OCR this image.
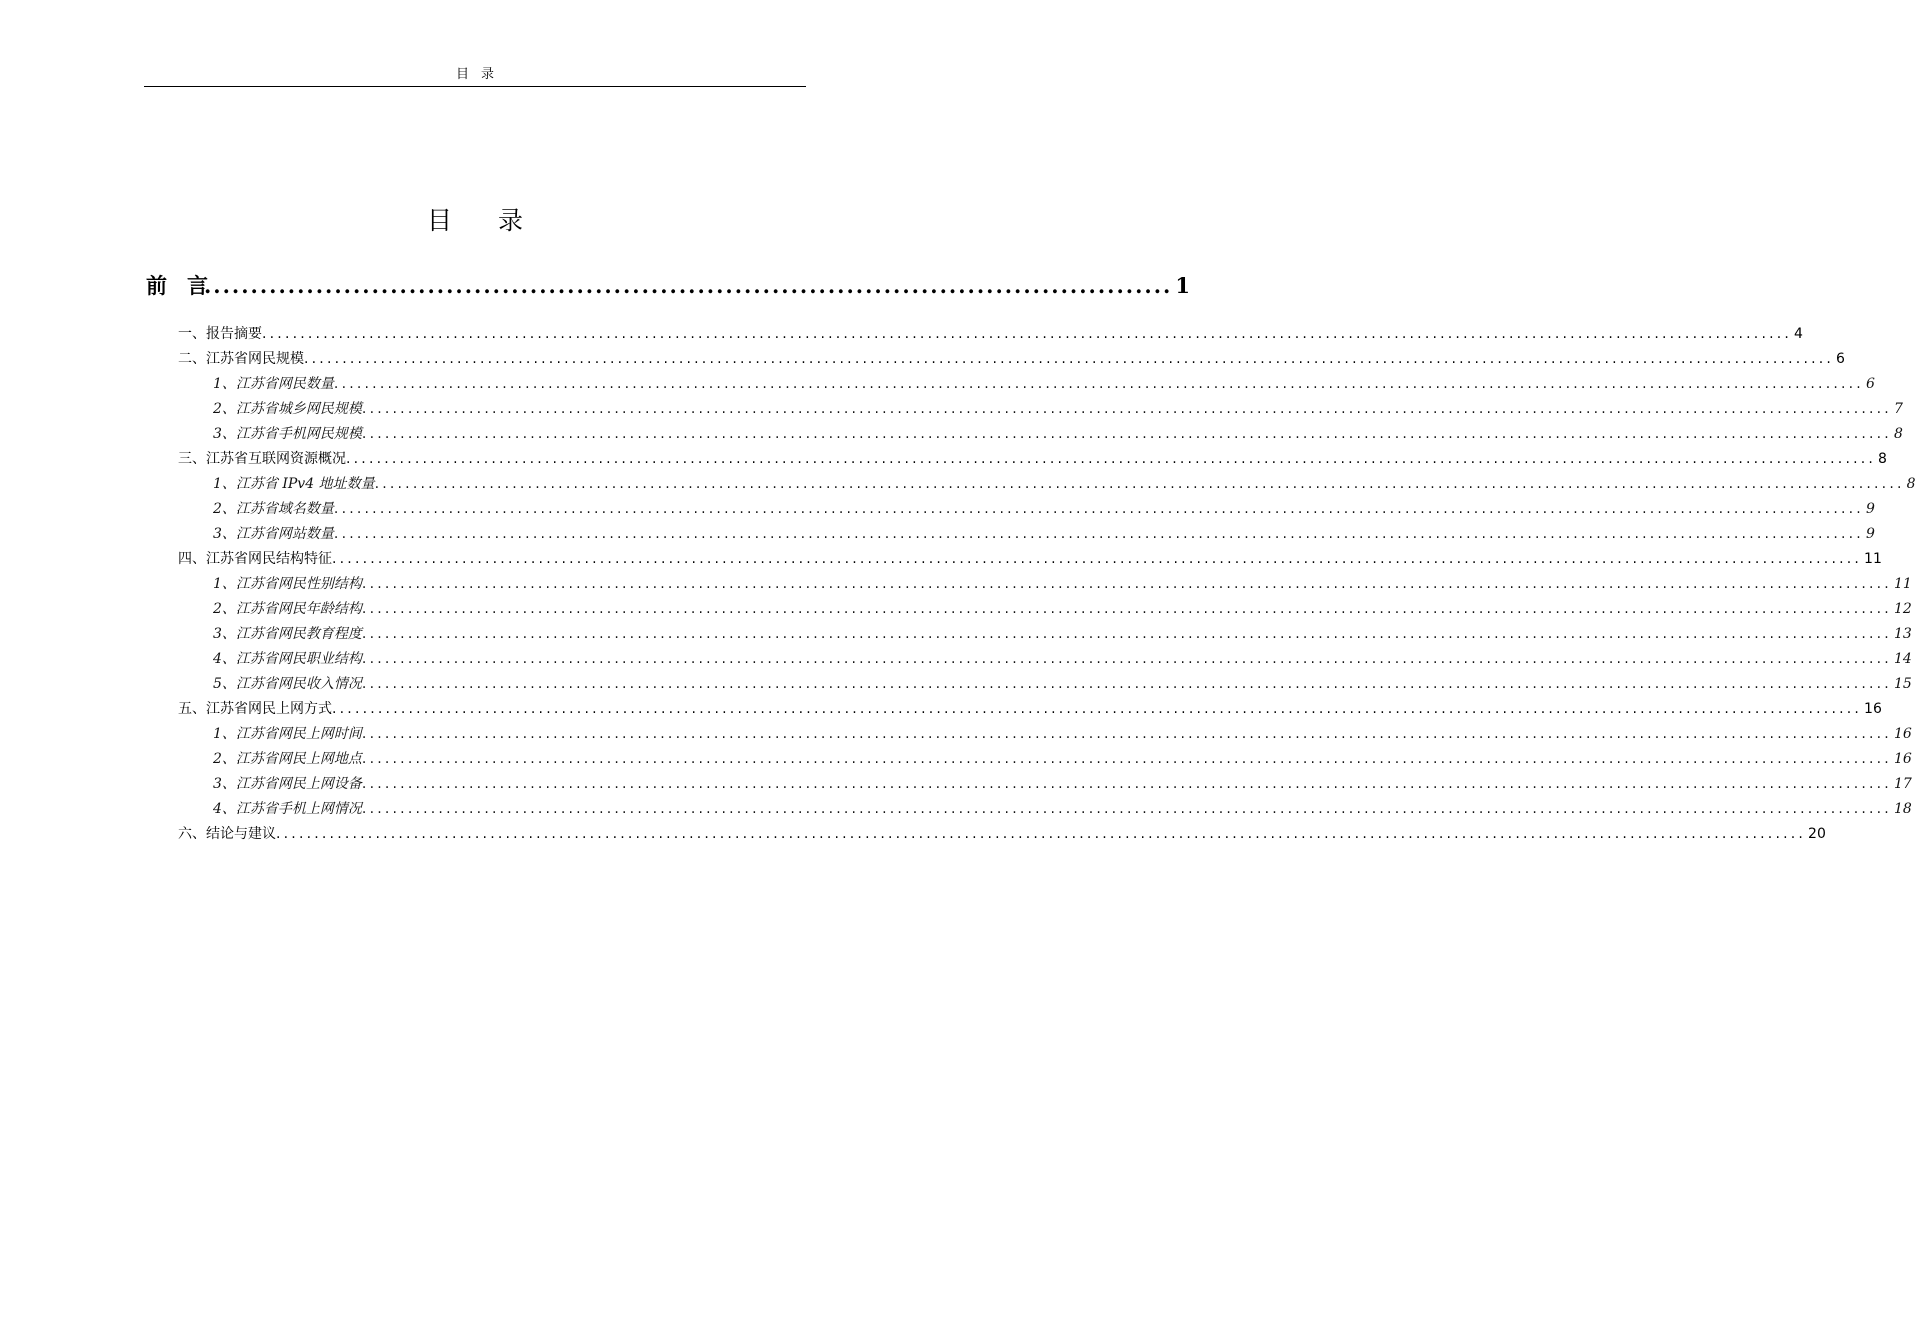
目录
目录
前言
........................................................................................................ 1
一、报告摘要 ........................................................................................................................................................................................................ 4
二、江苏省网民规模 ........................................................................................................................................................................................................ 6
1、江苏省网民数量 ........................................................................................................................................................................................................ 6
2、江苏省城乡网民规模 ........................................................................................................................................................................................................ 7
3、江苏省手机网民规模 ........................................................................................................................................................................................................ 8
三、江苏省互联网资源概况 ........................................................................................................................................................................................................ 8
1、江苏省 IPv4 地址数量 ........................................................................................................................................................................................................ 8
2、江苏省域名数量 ........................................................................................................................................................................................................ 9
3、江苏省网站数量 ........................................................................................................................................................................................................ 9
四、江苏省网民结构特征 ........................................................................................................................................................................................................ 11
1、江苏省网民性别结构 ........................................................................................................................................................................................................ 11
2、江苏省网民年龄结构 ........................................................................................................................................................................................................ 12
3、江苏省网民教育程度 ........................................................................................................................................................................................................ 13
4、江苏省网民职业结构 ........................................................................................................................................................................................................ 14
5、江苏省网民收入情况 ........................................................................................................................................................................................................ 15
五、江苏省网民上网方式 ........................................................................................................................................................................................................ 16
1、江苏省网民上网时间 ........................................................................................................................................................................................................ 16
2、江苏省网民上网地点 ........................................................................................................................................................................................................ 16
3、江苏省网民上网设备 ........................................................................................................................................................................................................ 17
4、江苏省手机上网情况 ........................................................................................................................................................................................................ 18
六、结论与建议 ........................................................................................................................................................................................................ 20
